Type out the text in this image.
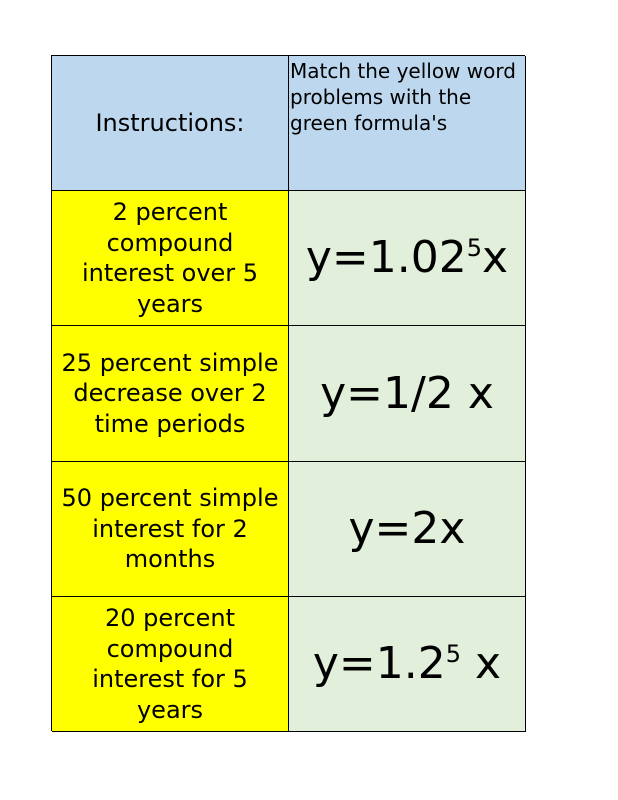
Instructions:
Match the yellow word problems with the green formula's
2 percent compound interest over 5 years
$y=1.02^5x$
25 percent simple decrease over 2 time periods
y=1/2 x
50 percent simple interest for 2 months
y=2x
20 percent compound interest for 5 years
$y=1.2^5$ x
